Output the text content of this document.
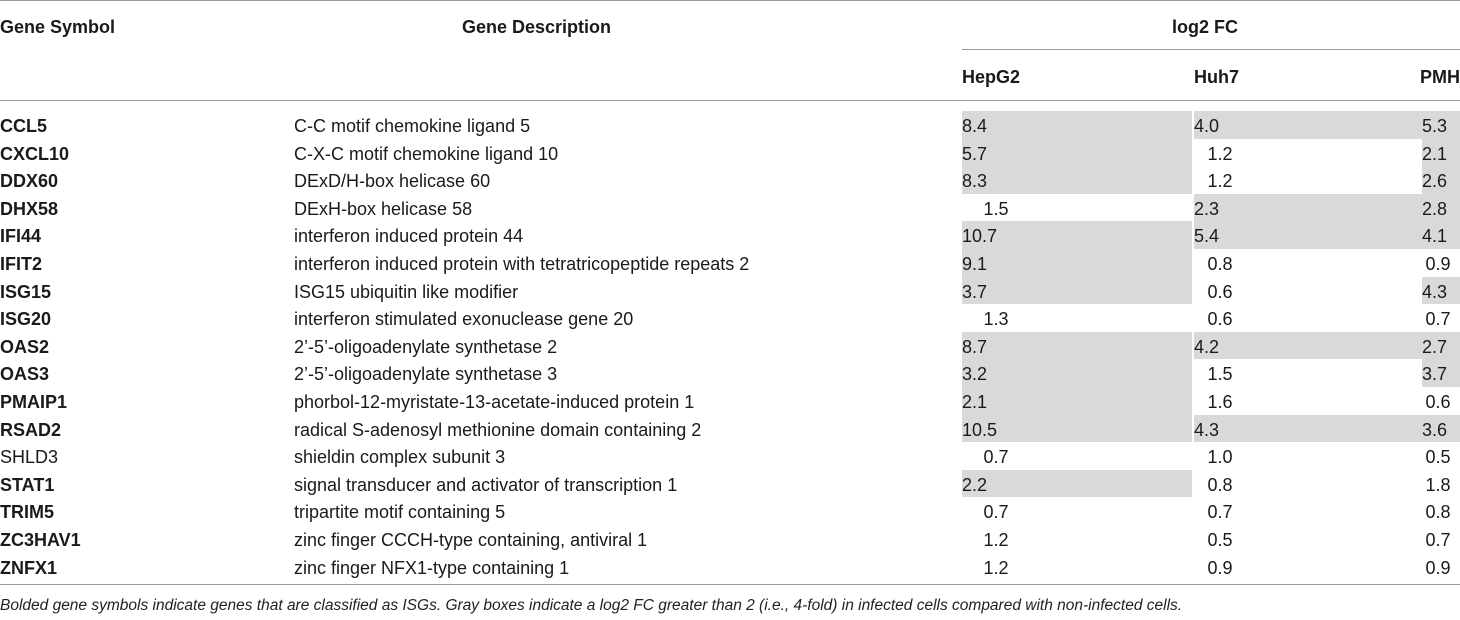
Gene Symbol	Gene Description	log2 FC
HepG2	Huh7	PMH
CCL5	C-C motif chemokine ligand 5	8.4	4.0	5.3
CXCL10	C-X-C motif chemokine ligand 10	5.7	1.2	2.1
DDX60	DExD/H-box helicase 60	8.3	1.2	2.6
DHX58	DExH-box helicase 58	1.5	2.3	2.8
IFI44	interferon induced protein 44	10.7	5.4	4.1
IFIT2	interferon induced protein with tetratricopeptide repeats 2	9.1	0.8	0.9
ISG15	ISG15 ubiquitin like modifier	3.7	0.6	4.3
ISG20	interferon stimulated exonuclease gene 20	1.3	0.6	0.7
OAS2	2’-5’-oligoadenylate synthetase 2	8.7	4.2	2.7
OAS3	2’-5’-oligoadenylate synthetase 3	3.2	1.5	3.7
PMAIP1	phorbol-12-myristate-13-acetate-induced protein 1	2.1	1.6	0.6
RSAD2	radical S-adenosyl methionine domain containing 2	10.5	4.3	3.6
SHLD3	shieldin complex subunit 3	0.7	1.0	0.5
STAT1	signal transducer and activator of transcription 1	2.2	0.8	1.8
TRIM5	tripartite motif containing 5	0.7	0.7	0.8
ZC3HAV1	zinc finger CCCH-type containing, antiviral 1	1.2	0.5	0.7
ZNFX1	zinc finger NFX1-type containing 1	1.2	0.9	0.9
Bolded gene symbols indicate genes that are classified as ISGs. Gray boxes indicate a log2 FC greater than 2 (i.e., 4-fold) in infected cells compared with non-infected cells.
